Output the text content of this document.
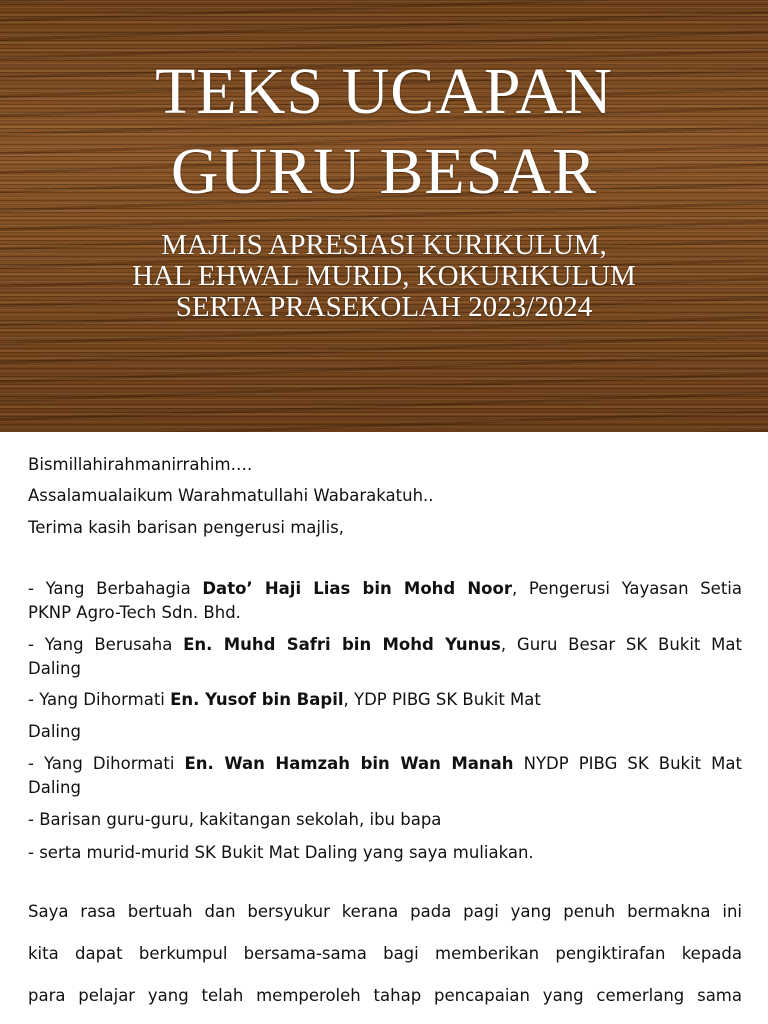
TEKS UCAPAN
GURU BESAR
MAJLIS APRESIASI KURIKULUM,
HAL EHWAL MURID, KOKURIKULUM
SERTA PRASEKOLAH 2023/2024
Bismillahirahmanirrahim….
Assalamualaikum Warahmatullahi Wabarakatuh..
Terima kasih barisan pengerusi majlis,
- Yang Berbahagia Dato’ Haji Lias bin Mohd Noor, Pengerusi Yayasan Setia
PKNP Agro-Tech Sdn. Bhd.
- Yang Berusaha En. Muhd Safri bin Mohd Yunus, Guru Besar SK Bukit Mat
Daling
- Yang Dihormati En. Yusof bin Bapil, YDP PIBG SK Bukit Mat
Daling
- Yang Dihormati En. Wan Hamzah bin Wan Manah NYDP PIBG SK Bukit Mat
Daling
- Barisan guru-guru, kakitangan sekolah, ibu bapa
- serta murid-murid SK Bukit Mat Daling yang saya muliakan.
Saya rasa bertuah dan bersyukur kerana pada pagi yang penuh bermakna ini
kita dapat berkumpul bersama-sama bagi memberikan pengiktirafan kepada
para pelajar yang telah memperoleh tahap pencapaian yang cemerlang sama
